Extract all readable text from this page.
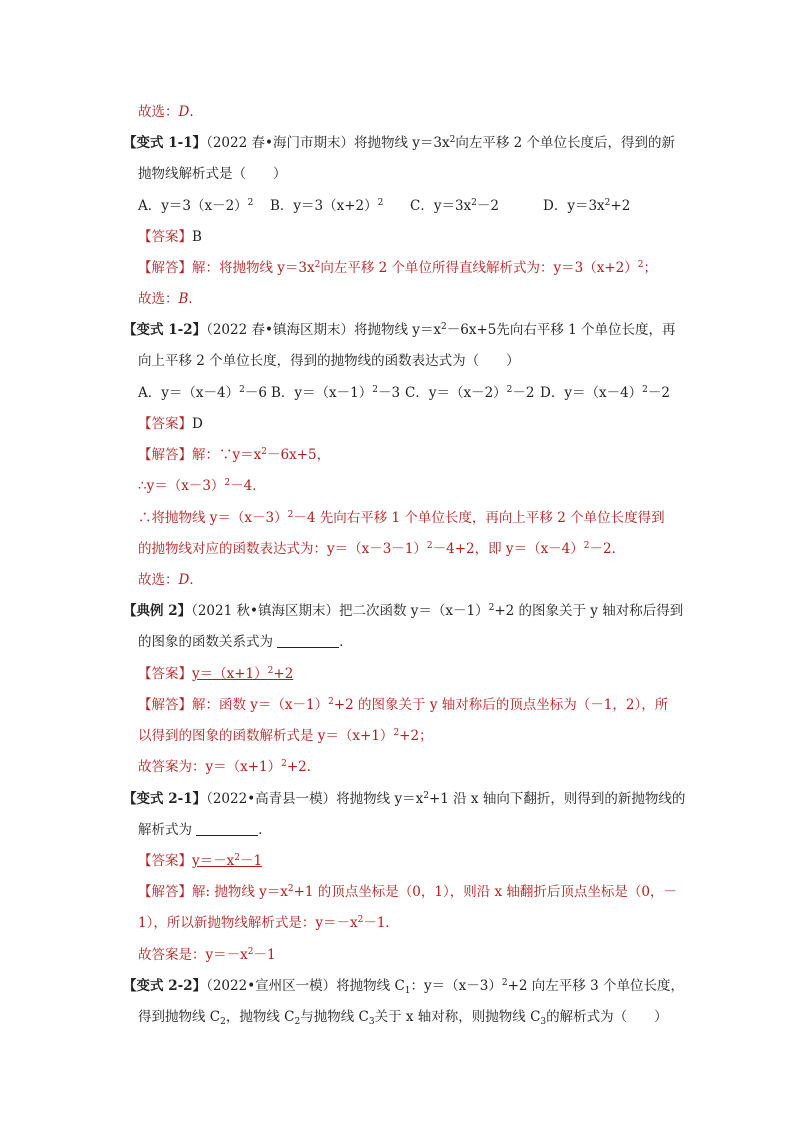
故选：D.
【变式 1-1】（2022 春•海门市期末）将抛物线 $y=3x^2$向左平移 2 个单位长度后，得到的新
抛物线解析式是（　　）
A．$y=3(x-2)^2$ B．$y=3(x+2)^2$ C．$y=3x^2-2$	D．$y=3x^2+2$
【答案】B
【解答】解：将抛物线 $y=3x^2$向左平移 2 个单位所得直线解析式为：$y=3(x+2)^2$；
故选：B．
【变式 1-2】（2022 春•镇海区期末）将抛物线 $y=x^2-6x+5$先向右平移 1 个单位长度，再
向上平移 2 个单位长度，得到的抛物线的函数表达式为（　　）
A．$y=(x-4)^2-6$ B．$y=(x-1)^2-3$ C．$y=(x-2)^2-2$ D．$y=(x-4)^2-2$
【答案】D
【解答】解：$\because y=x^2-6x+5$，
$\therefore y=(x-3)^2-4$．
∴将抛物线 $y=(x-3)^2-4$ 先向右平移 1 个单位长度，再向上平移 2 个单位长度得到
的抛物线对应的函数表达式为：$y=(x-3-1)^2-4+2$，即 $y=(x-4)^2-2$．
故选：D．
【典例 2】（2021 秋•镇海区期末）把二次函数 $y=(x-1)^2+2$ 的图象关于 y 轴对称后得到
的图象的函数关系式为	．
【答案】$y=(x+1)^2+2$
【解答】解：函数 $y=(x-1)^2+2$ 的图象关于 y 轴对称后的顶点坐标为（－1，2），所
以得到的图象的函数解析式是 $y=(x+1)^2+2$；
故答案为：$y=(x+1)^2+2$．
【变式 2-1】（2022•高青县一模）将抛物线 $y=x^2+1$ 沿 x 轴向下翻折，则得到的新抛物线的
解析式为	．
【答案】$y=-x^2-1$
【解答】解: 抛物线 $y=x^2+1$ 的顶点坐标是（0，1），则沿 x 轴翻折后顶点坐标是（0，－
1），所以新抛物线解析式是：$y=-x^2-1$．
故答案是：$y=-x^2-1$
【变式 2-2】（2022•宣州区一模）将抛物线 $C_1$：$y=(x-3)^2+2$ 向左平移 3 个单位长度，
得到抛物线 $C_2$，抛物线 $C_2$与抛物线 $C_3$关于 x 轴对称，则抛物线 $C_3$的解析式为（　　）
